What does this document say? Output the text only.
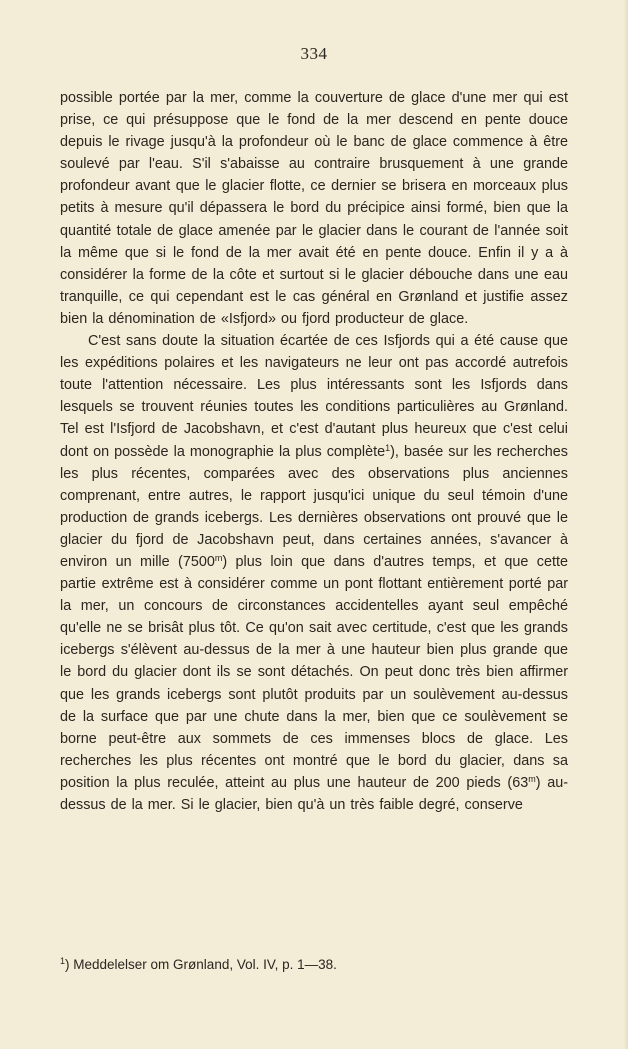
334

possible portée par la mer, comme la couverture de glace d'une mer qui est prise, ce qui présuppose que le fond de la mer descend en pente douce depuis le rivage jusqu'à la profondeur où le banc de glace commence à être soulevé par l'eau. S'il s'abaisse au contraire brusquement à une grande profondeur avant que le glacier flotte, ce dernier se brisera en morceaux plus petits à mesure qu'il dépassera le bord du précipice ainsi formé, bien que la quantité totale de glace amenée par le glacier dans le courant de l'année soit la même que si le fond de la mer avait été en pente douce. Enfin il y a à considérer la forme de la côte et surtout si le glacier débouche dans une eau tranquille, ce qui cependant est le cas général en Grønland et justifie assez bien la dénomination de «Isfjord» ou fjord producteur de glace.

C'est sans doute la situation écartée de ces Isfjords qui a été cause que les expéditions polaires et les navigateurs ne leur ont pas accordé autrefois toute l'attention nécessaire. Les plus intéressants sont les Isfjords dans lesquels se trouvent réunies toutes les conditions particulières au Grønland. Tel est l'Isfjord de Jacobshavn, et c'est d'autant plus heureux que c'est celui dont on possède la monographie la plus complète$^1$), basée sur les recherches les plus récentes, comparées avec des observations plus anciennes comprenant, entre autres, le rapport jusqu'ici unique du seul témoin d'une production de grands icebergs. Les dernières observations ont prouvé que le glacier du fjord de Jacobshavn peut, dans certaines années, s'avancer à environ un mille (7500$^m$) plus loin que dans d'autres temps, et que cette partie extrême est à considérer comme un pont flottant entièrement porté par la mer, un concours de circonstances accidentelles ayant seul empêché qu'elle ne se brisât plus tôt. Ce qu'on sait avec certitude, c'est que les grands icebergs s'élèvent au-dessus de la mer à une hauteur bien plus grande que le bord du glacier dont ils se sont détachés. On peut donc très bien affirmer que les grands icebergs sont plutôt produits par un soulèvement au-dessus de la surface que par une chute dans la mer, bien que ce soulèvement se borne peut-être aux sommets de ces immenses blocs de glace. Les recherches les plus récentes ont montré que le bord du glacier, dans sa position la plus reculée, atteint au plus une hauteur de 200 pieds (63$^m$) au-dessus de la mer. Si le glacier, bien qu'à un très faible degré, conserve

$^1$) Meddelelser om Grønland, Vol. IV, p. 1—38.
